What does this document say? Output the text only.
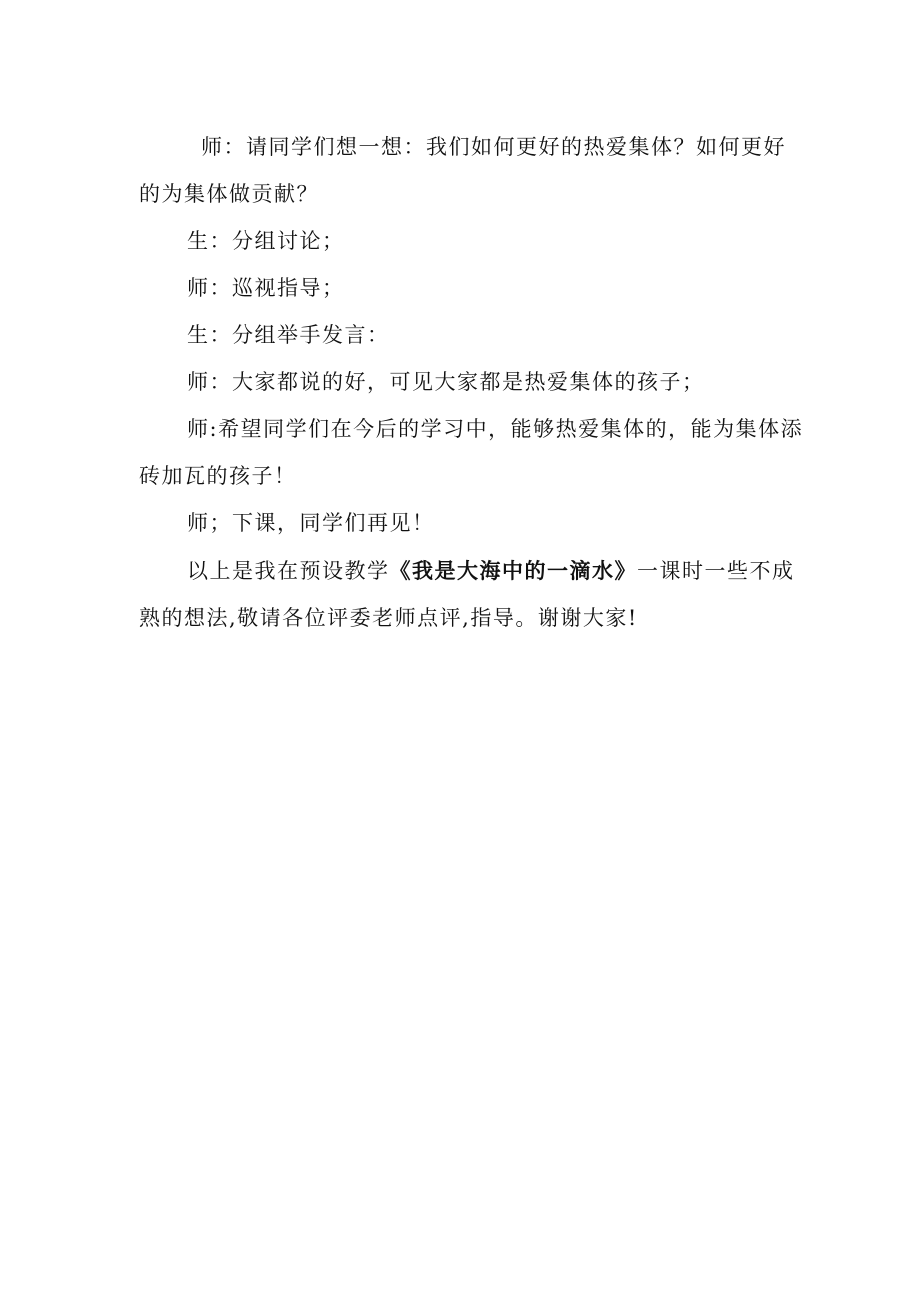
师：请同学们想一想：我们如何更好的热爱集体？如何更好

的为集体做贡献？

生：分组讨论；

师：巡视指导；

生：分组举手发言：

师：大家都说的好，可见大家都是热爱集体的孩子；

师:希望同学们在今后的学习中，能够热爱集体的，能为集体添

砖加瓦的孩子！

师；下课，同学们再见！

以上是我在预设教学《我是大海中的一滴水》一课时一些不成

熟的想法,敬请各位评委老师点评,指导。谢谢大家!
